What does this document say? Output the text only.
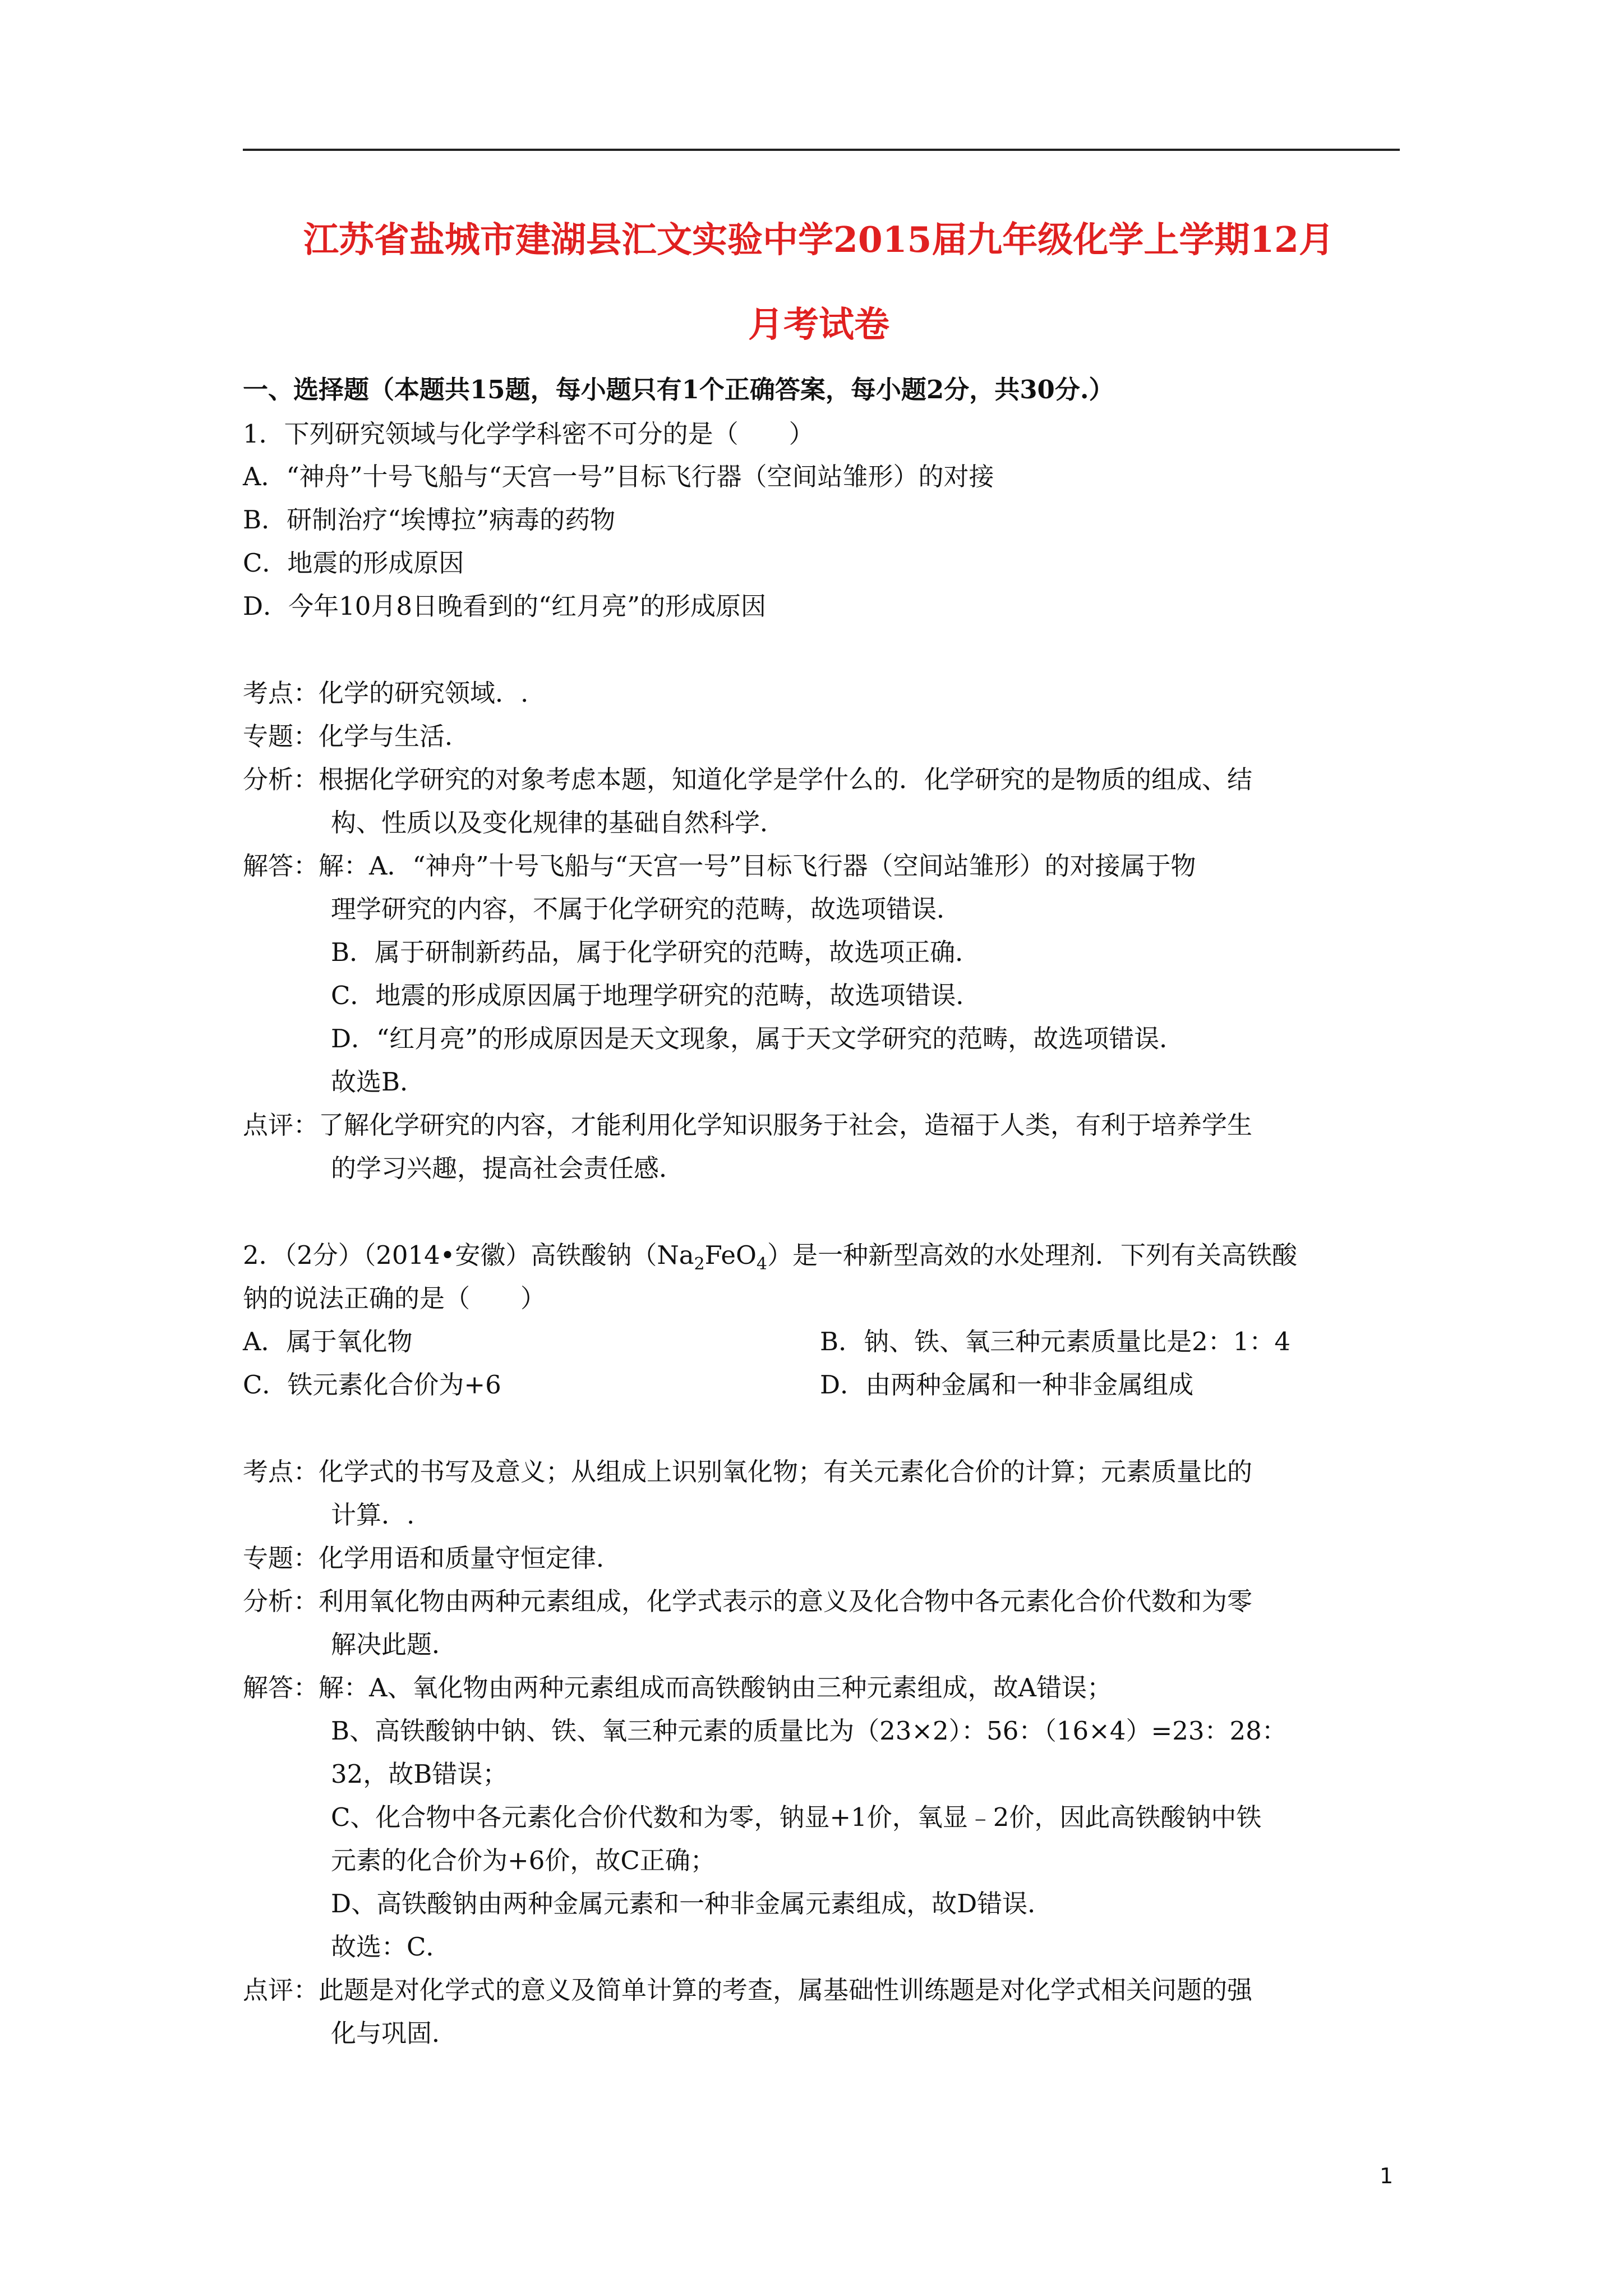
江苏省盐城市建湖县汇文实验中学2015届九年级化学上学期12月
月考试卷
一、选择题（本题共15题，每小题只有1个正确答案，每小题2分，共30分.）
1．下列研究领域与化学学科密不可分的是（　　）
A．“神舟”十号飞船与“天宫一号”目标飞行器（空间站雏形）的对接
B．研制治疗“埃博拉”病毒的药物
C．地震的形成原因
D．今年10月8日晚看到的“红月亮”的形成原因
考点：化学的研究领域．.
专题：化学与生活．
分析：根据化学研究的对象考虑本题，知道化学是学什么的．化学研究的是物质的组成、结
构、性质以及变化规律的基础自然科学．
解答：解：A．“神舟”十号飞船与“天宫一号”目标飞行器（空间站雏形）的对接属于物
理学研究的内容，不属于化学研究的范畴，故选项错误．
B．属于研制新药品，属于化学研究的范畴，故选项正确．
C．地震的形成原因属于地理学研究的范畴，故选项错误．
D．“红月亮”的形成原因是天文现象，属于天文学研究的范畴，故选项错误．
故选B．
点评：了解化学研究的内容，才能利用化学知识服务于社会，造福于人类，有利于培养学生
的学习兴趣，提高社会责任感．
2．（2分）（2014•安徽）高铁酸钠$(Na_2FeO_4)$是一种新型高效的水处理剂．下列有关高铁酸
钠的说法正确的是（　　）
A．属于氧化物	B．钠、铁、氧三种元素质量比是2：1：4
C．铁元素化合价为+6	D．由两种金属和一种非金属组成
考点：化学式的书写及意义；从组成上识别氧化物；有关元素化合价的计算；元素质量比的
计算．.
专题：化学用语和质量守恒定律．
分析：利用氧化物由两种元素组成，化学式表示的意义及化合物中各元素化合价代数和为零
解决此题．
解答：解：A、氧化物由两种元素组成而高铁酸钠由三种元素组成，故A错误；
B、高铁酸钠中钠、铁、氧三种元素的质量比为（23×2）：56：（16×4）=23：28：
32，故B错误；
C、化合物中各元素化合价代数和为零，钠显+1价，氧显﹣2价，因此高铁酸钠中铁
元素的化合价为+6价，故C正确；
D、高铁酸钠由两种金属元素和一种非金属元素组成，故D错误．
故选：C．
点评：此题是对化学式的意义及简单计算的考查，属基础性训练题是对化学式相关问题的强
化与巩固．
1
